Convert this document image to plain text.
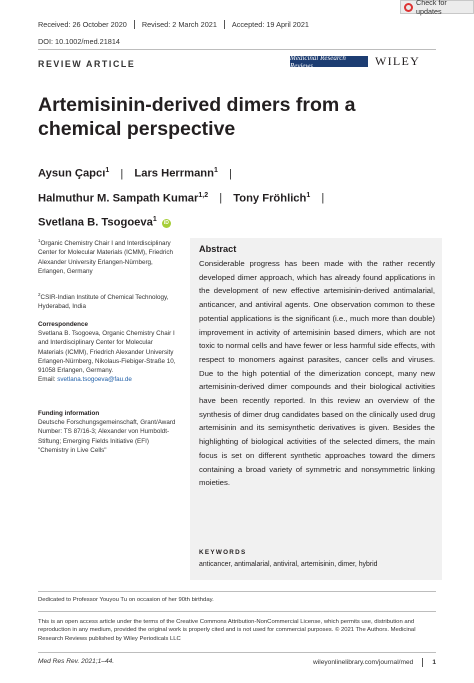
Received: 26 October 2020 Revised: 2 March 2021 Accepted: 19 April 2021
Check for updates
DOI: 10.1002/med.21814
REVIEW ARTICLE
Medicinal Research Reviews	WILEY
Artemisinin-derived dimers from a chemical perspective
Aysun Çapcı$^1$ | Lars Herrmann$^1$ |
Halmuthur M. Sampath Kumar$^{1,2}$ | Tony Fröhlich$^1$ |
Svetlana B. Tsogoeva$^1$ iD
$^1$Organic Chemistry Chair I and Interdisciplinary Center for Molecular Materials (ICMM), Friedrich Alexander University Erlangen-Nürnberg, Erlangen, Germany
$^2$CSIR-Indian Institute of Chemical Technology, Hyderabad, India
Correspondence
Svetlana B. Tsogoeva, Organic Chemistry Chair I and Interdisciplinary Center for Molecular Materials (ICMM), Friedrich Alexander University Erlangen-Nürnberg, Nikolaus-Fiebiger-Straße 10, 91058 Erlangen, Germany.
Email: svetlana.tsogoeva@fau.de
Funding information
Deutsche Forschungsgemeinschaft, Grant/Award Number: TS 87/16-3; Alexander von Humboldt-Stiftung; Emerging Fields Initiative (EFI) "Chemistry in Live Cells"
Abstract

Considerable progress has been made with the rather recently developed dimer approach, which has already found applications in the development of new effective artemisinin-derived antimalarial, anticancer, and antiviral agents. One observation common to these potential applications is the significant (i.e., much more than double) improvement in activity of artemisinin based dimers, which are not toxic to normal cells and have fewer or less harmful side effects, with respect to monomers against parasites, cancer cells and viruses. Due to the high potential of the dimerization concept, many new artemisinin-derived dimer compounds and their biological activities have been recently reported. In this review an overview of the synthesis of dimer drug candidates based on the clinically used drug artemisinin and its semisynthetic derivatives is given. Besides the highlighting of biological activities of the selected dimers, the main focus is set on different synthetic approaches toward the dimers containing a broad variety of symmetric and nonsymmetric linking moieties.

KEYWORDS
anticancer, antimalarial, antiviral, artemisinin, dimer, hybrid
Dedicated to Professor Youyou Tu on occasion of her 90th birthday.
This is an open access article under the terms of the Creative Commons Attribution-NonCommercial License, which permits use, distribution and reproduction in any medium, provided the original work is properly cited and is not used for commercial purposes. © 2021 The Authors. Medicinal Research Reviews published by Wiley Periodicals LLC
Med Res Rev. 2021;1–44.	wileyonlinelibrary.com/journal/med	1
